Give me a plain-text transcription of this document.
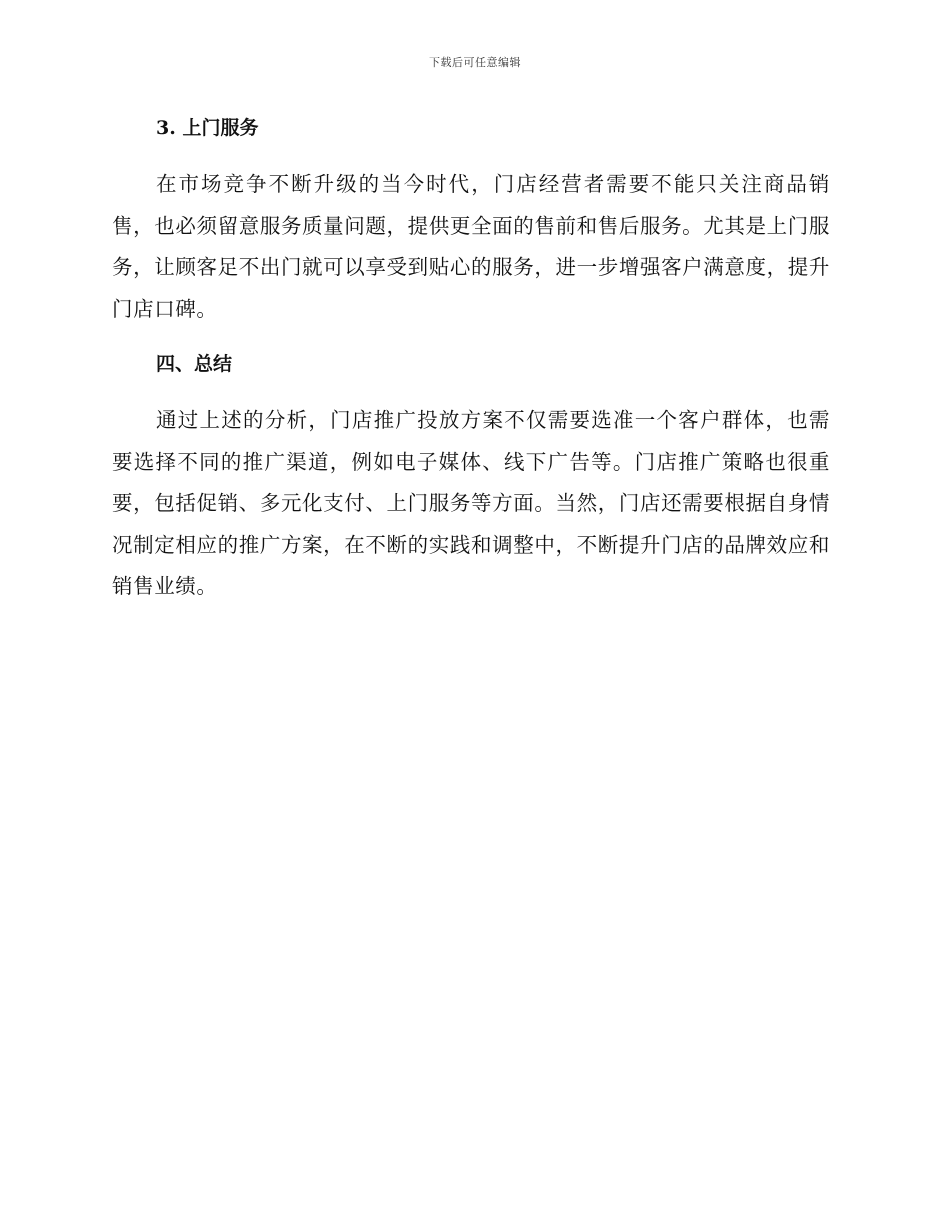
下载后可任意编辑
3. 上门服务

在市场竞争不断升级的当今时代，门店经营者需要不能只关注商品销售，也必须留意服务质量问题，提供更全面的售前和售后服务。尤其是上门服务，让顾客足不出门就可以享受到贴心的服务，进一步增强客户满意度，提升门店口碑。

四、总结

通过上述的分析，门店推广投放方案不仅需要选准一个客户群体，也需要选择不同的推广渠道，例如电子媒体、线下广告等。门店推广策略也很重要，包括促销、多元化支付、上门服务等方面。当然，门店还需要根据自身情况制定相应的推广方案，在不断的实践和调整中，不断提升门店的品牌效应和销售业绩。
